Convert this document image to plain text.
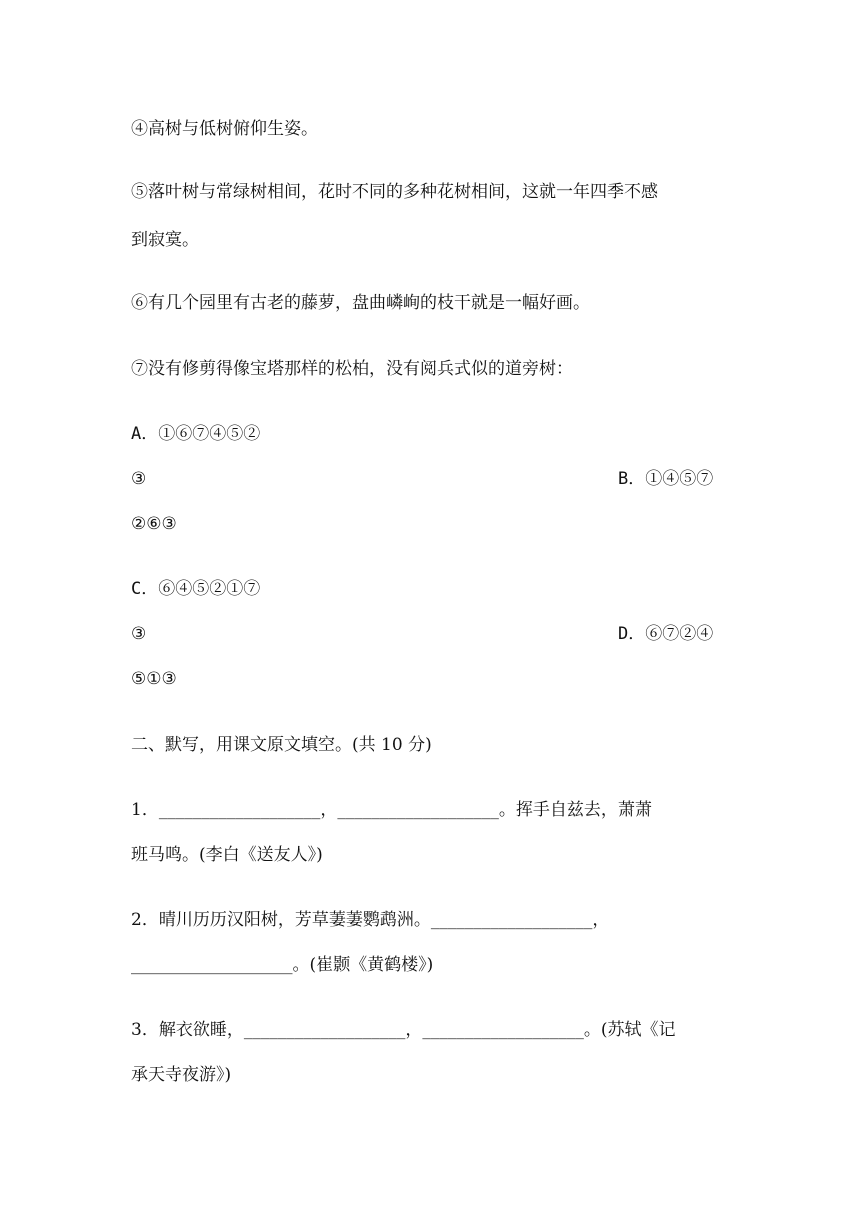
④高树与低树俯仰生姿。
⑤落叶树与常绿树相间，花时不同的多种花树相间，这就一年四季不感
到寂寞。
⑥有几个园里有古老的藤萝，盘曲嶙峋的枝干就是一幅好画。
⑦没有修剪得像宝塔那样的松柏，没有阅兵式似的道旁树：
A．①⑥⑦④⑤②
③	B．①④⑤⑦
②⑥③
C．⑥④⑤②①⑦
③	D．⑥⑦②④
⑤①③
二、默写，用课文原文填空。(共 10 分)
1．___________________，___________________。挥手自兹去，萧萧
班马鸣。(李白《送友人》)
2．晴川历历汉阳树，芳草萋萋鹦鹉洲。___________________，
___________________。(崔颢《黄鹤楼》)
3．解衣欲睡，___________________，___________________。(苏轼《记
承天寺夜游》)
